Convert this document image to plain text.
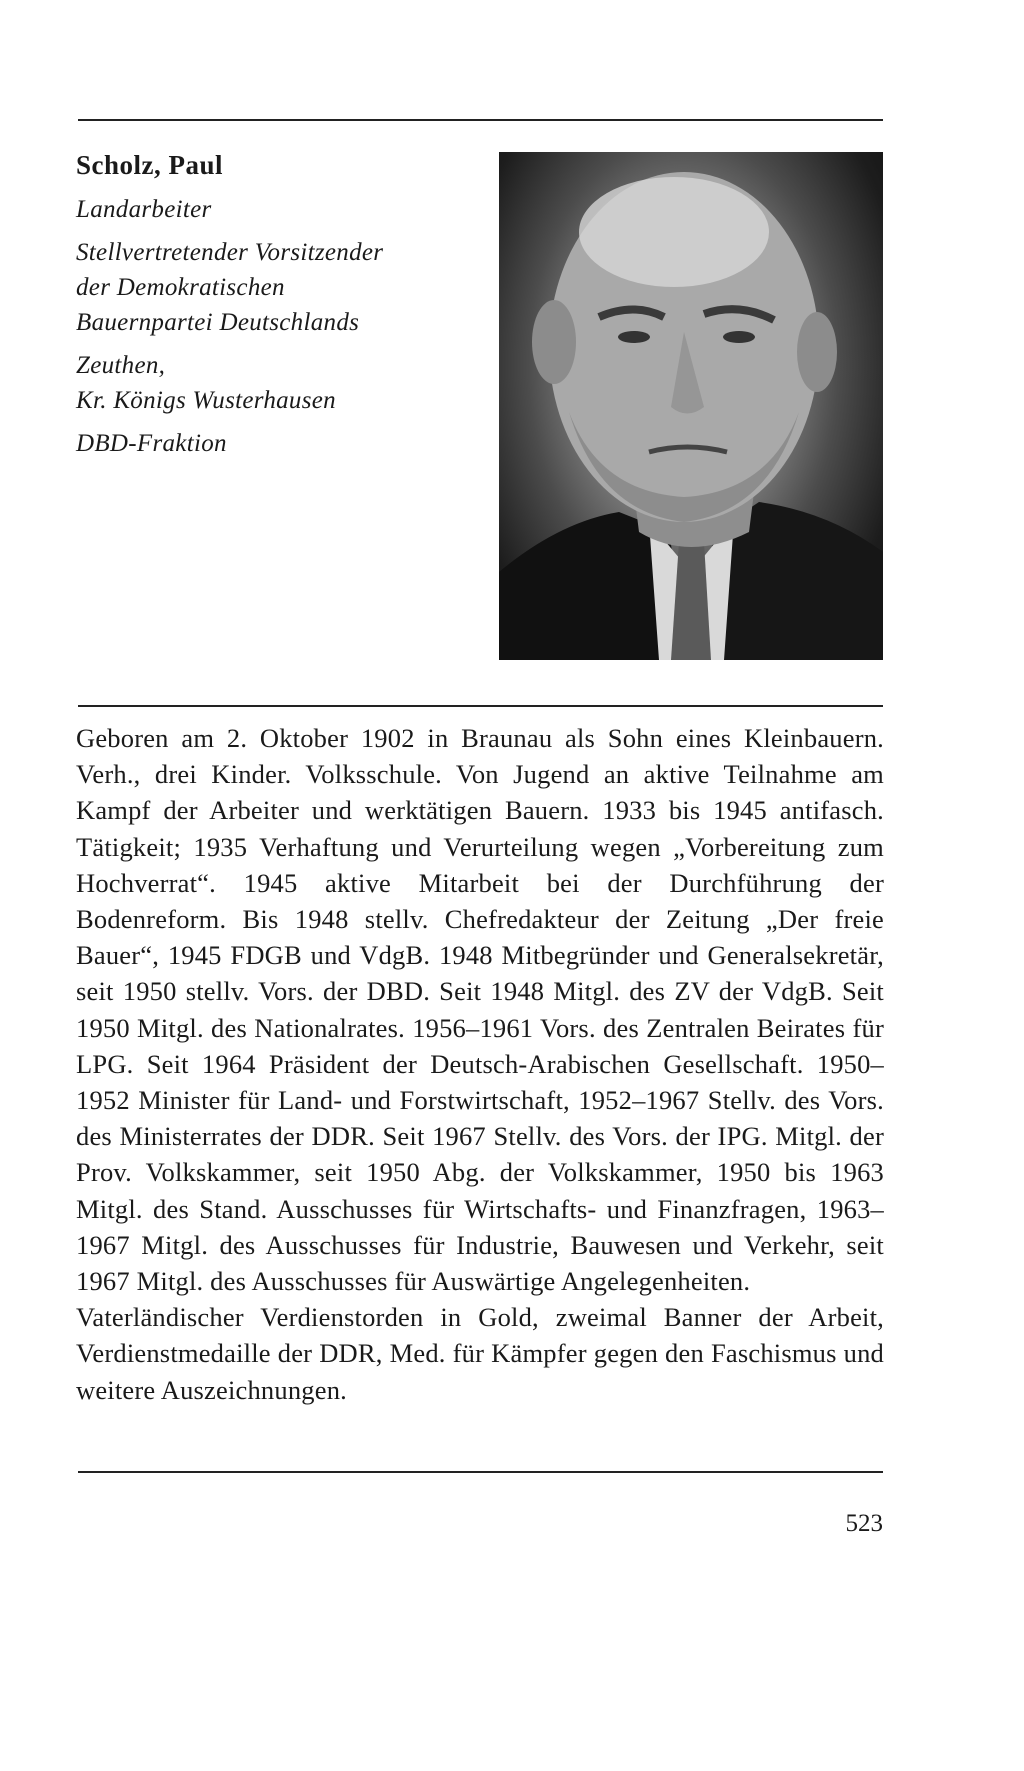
Scholz, Paul
Landarbeiter
Stellvertretender Vorsitzender
der Demokratischen
Bauernpartei Deutschlands
Zeuthen,
Kr. Königs Wusterhausen
DBD-Fraktion

Geboren am 2. Oktober 1902 in Braunau als Sohn eines Kleinbauern. Verh., drei Kinder. Volksschule. Von Jugend an aktive Teilnahme am Kampf der Arbeiter und werktätigen Bauern. 1933 bis 1945 antifasch. Tätigkeit; 1935 Verhaftung und Verurteilung wegen „Vorbereitung zum Hochverrat“. 1945 aktive Mitarbeit bei der Durchführung der Bodenreform. Bis 1948 stellv. Chefredakteur der Zeitung „Der freie Bauer“, 1945 FDGB und VdgB. 1948 Mitbegründer und Generalsekretär, seit 1950 stellv. Vors. der DBD. Seit 1948 Mitgl. des ZV der VdgB. Seit 1950 Mitgl. des Nationalrates. 1956–1961 Vors. des Zentralen Beirates für LPG. Seit 1964 Präsident der Deutsch-Arabischen Gesellschaft. 1950–1952 Minister für Land- und Forstwirtschaft, 1952–1967 Stellv. des Vors. des Ministerrates der DDR. Seit 1967 Stellv. des Vors. der IPG. Mitgl. der Prov. Volkskammer, seit 1950 Abg. der Volkskammer, 1950 bis 1963 Mitgl. des Stand. Ausschusses für Wirtschafts- und Finanzfragen, 1963–1967 Mitgl. des Ausschusses für Industrie, Bauwesen und Verkehr, seit 1967 Mitgl. des Ausschusses für Auswärtige Angelegenheiten.

Vaterländischer Verdienstorden in Gold, zweimal Banner der Arbeit, Verdienstmedaille der DDR, Med. für Kämpfer gegen den Faschismus und weitere Auszeichnungen.

523
